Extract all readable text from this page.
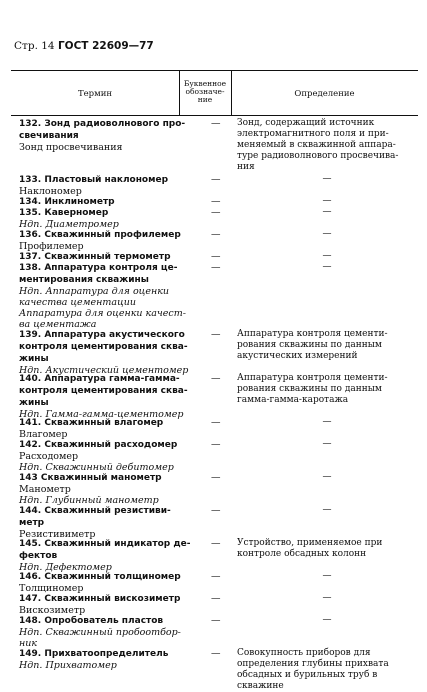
Стр. 14 ГОСТ 22609—77
Термин
Буквенное
обозначе-
ние
Определение
132. Зонд радиоволнового про-
свечивания
Зонд просвечивания
— Зонд, содержащий источник
электромагнитного поля и при-
меняемый в скважинной аппара-
туре радиоволнового просвечива-
ния
133. Пластовый наклономер
Наклономер
—	—
134. Инклинометр	—	—
135. Каверномер
Ндп. Диаметромер
—	—
136. Скважинный профилемер
Профилемер
—	—
137. Скважинный термометр	—	—
138. Аппаратура контроля це-
ментирования скважины
Ндп. Аппаратура для оценки
качества цементации
Аппаратура для оценки качест-
ва цементажа
—	—
139. Аппаратура акустического
контроля цементирования сква-
жины
Ндп. Акустический цементомер
— Аппаратура контроля цементи-
рования скважины по данным
акустических измерений
140. Аппаратура гамма-гамма-
контроля цементирования сква-
жины
Ндп. Гамма-гамма-цементомер
— Аппаратура контроля цементи-
рования скважины по данным
гамма-гамма-каротажа
141. Скважинный влагомер
Влагомер
—	—
142. Скважинный расходомер
Расходомер
Ндп. Скважинный дебитомер
—	—
143 Скважинный манометр
Манометр
Ндп. Глубинный манометр
—	—
144. Скважинный резистиви-
метр
Резистивиметр
—	—
145. Скважинный индикатор де-
фектов
Ндп. Дефектомер
— Устройство, применяемое при
контроле обсадных колонн
146. Скважинный толщиномер
Толщиномер
—	—
147. Скважинный вискозиметр
Вискозиметр
—	—
148. Опробователь пластов
Ндп. Скважинный пробоотбор-
ник
—	—
149. Прихватоопределитель
Ндп. Прихватомер
— Совокупность приборов для
определения глубины прихвата
обсадных и бурильных труб в
скважине
